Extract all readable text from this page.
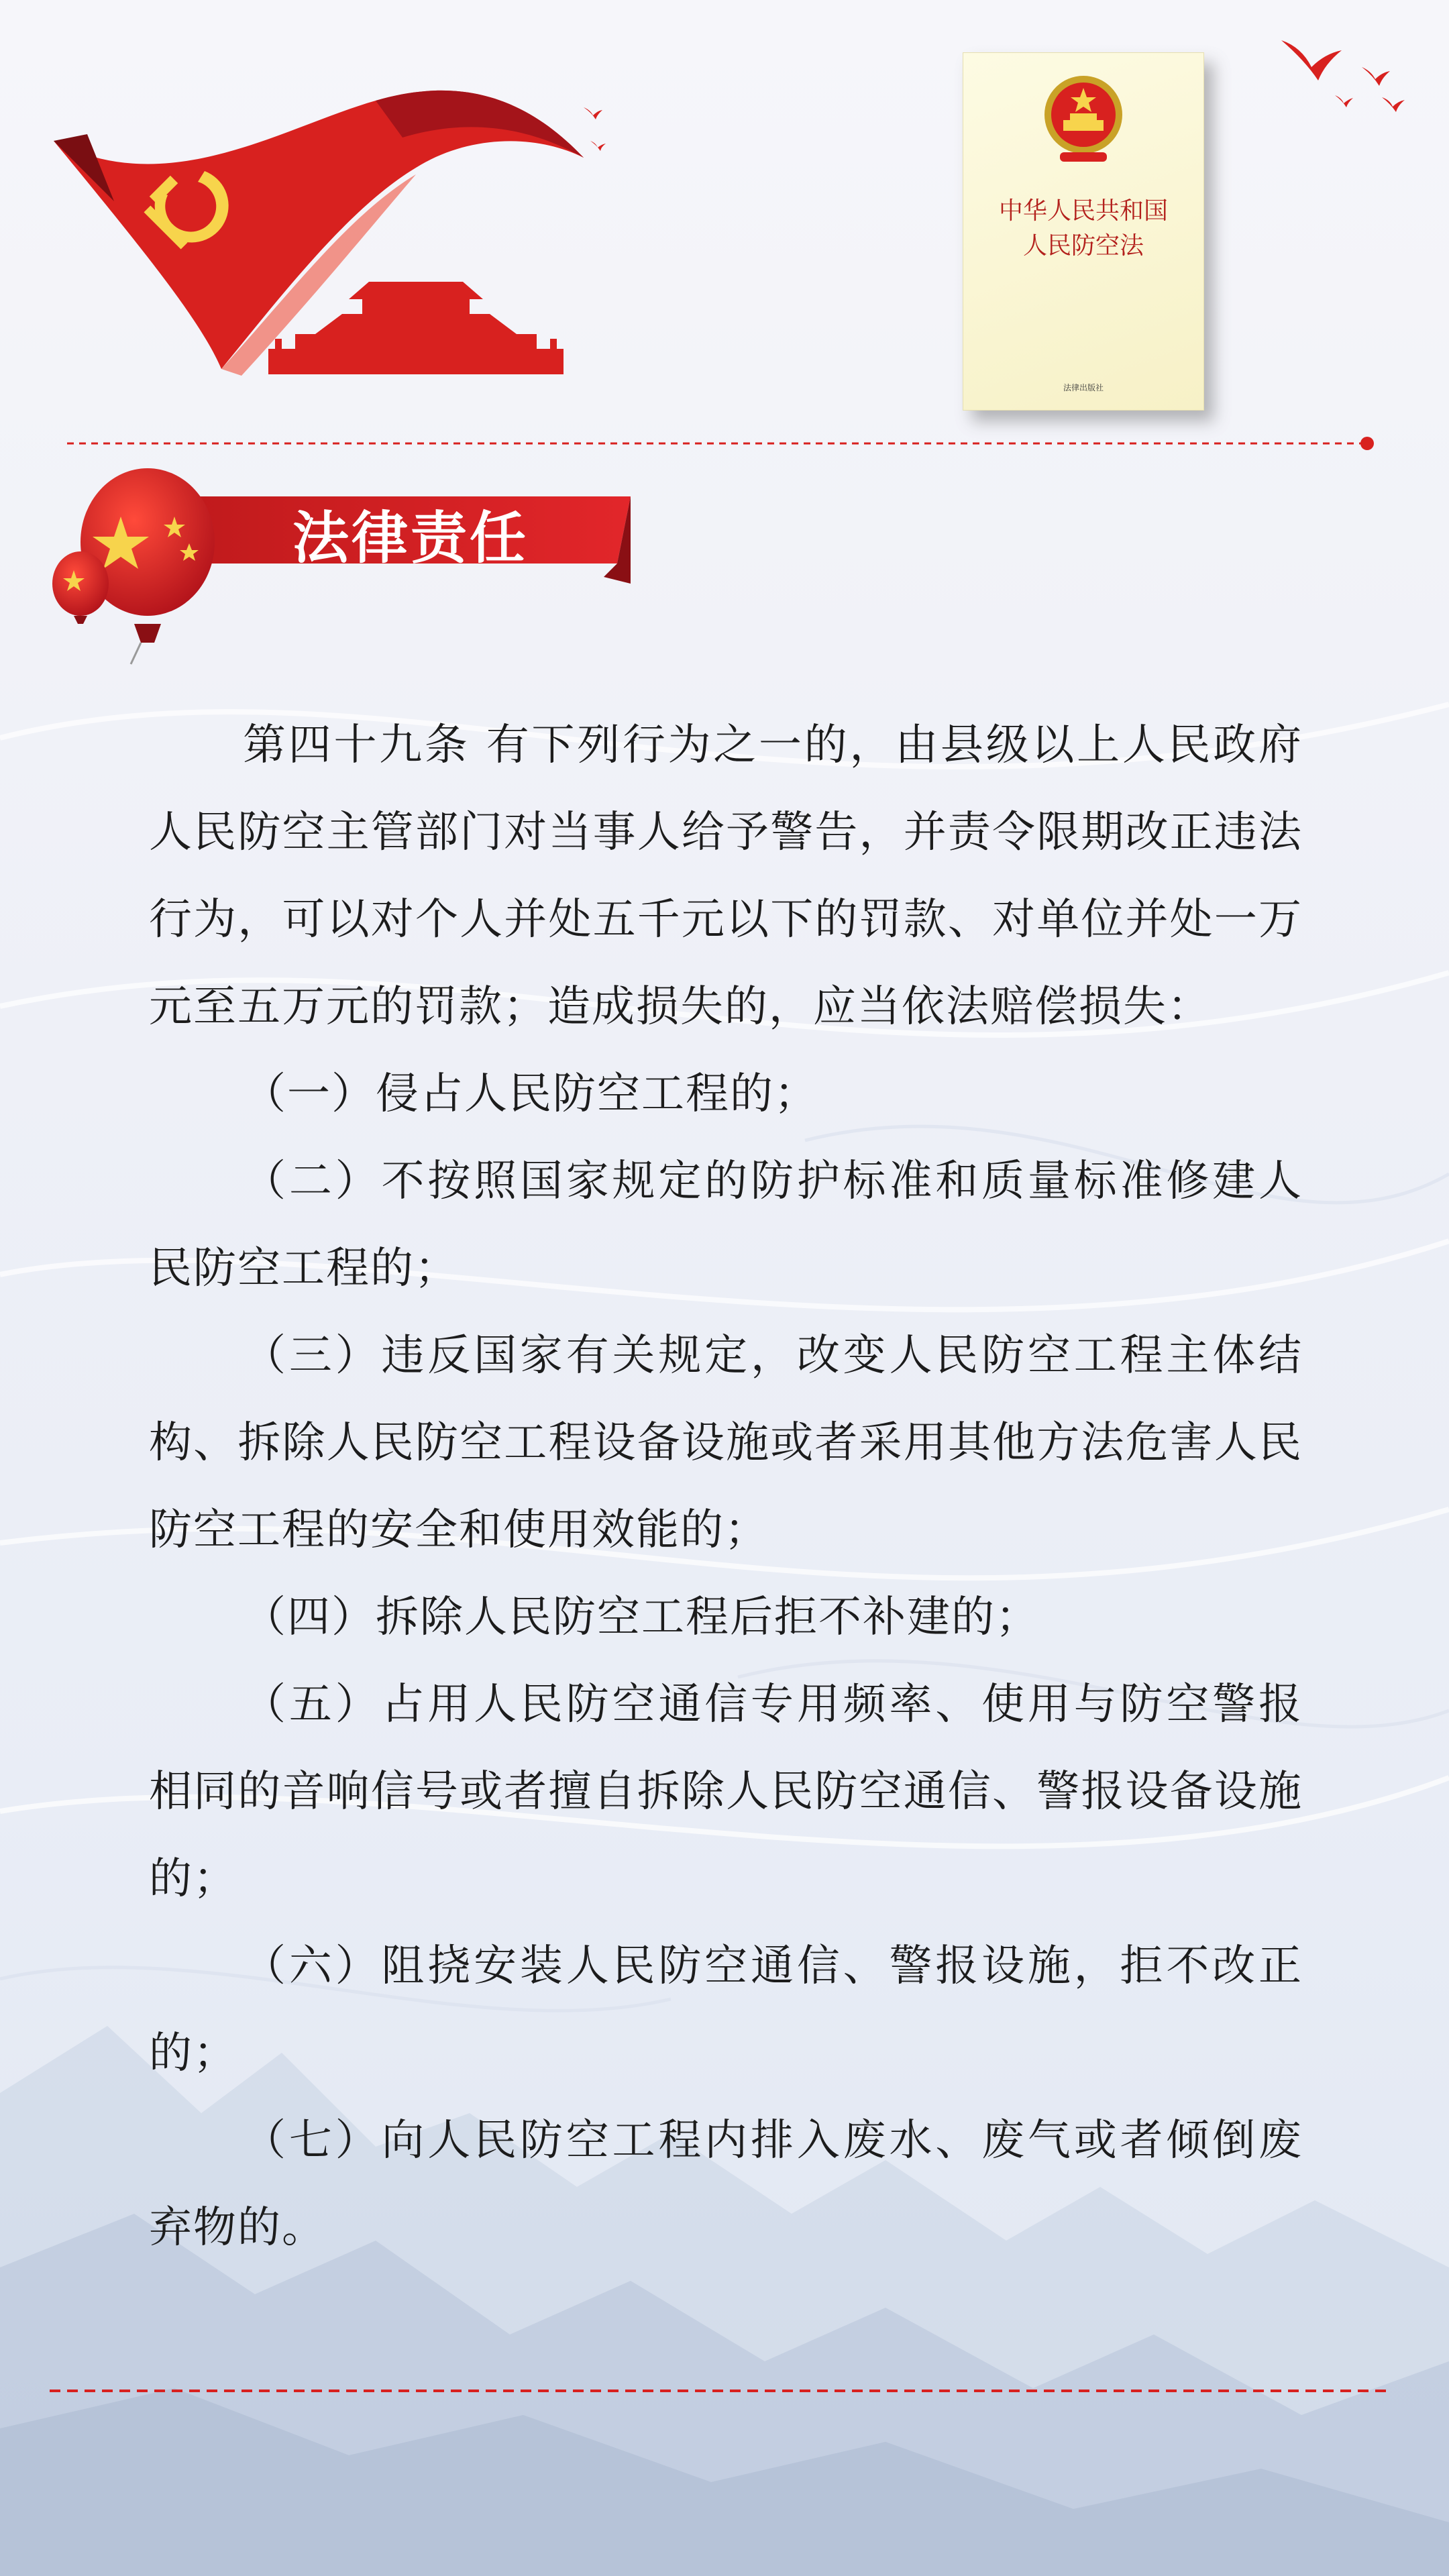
中华人民共和国
人民防空法
法律出版社
法律责任

第四十九条 有下列行为之一的，由县级以上人民政府人民防空主管部门对当事人给予警告，并责令限期改正违法行为，可以对个人并处五千元以下的罚款、对单位并处一万元至五万元的罚款；造成损失的，应当依法赔偿损失：

（一）侵占人民防空工程的；

（二）不按照国家规定的防护标准和质量标准修建人民防空工程的；

（三）违反国家有关规定，改变人民防空工程主体结构、拆除人民防空工程设备设施或者采用其他方法危害人民防空工程的安全和使用效能的；

（四）拆除人民防空工程后拒不补建的；

（五）占用人民防空通信专用频率、使用与防空警报相同的音响信号或者擅自拆除人民防空通信、警报设备设施的；

（六）阻挠安装人民防空通信、警报设施，拒不改正的；

（七）向人民防空工程内排入废水、废气或者倾倒废弃物的。
